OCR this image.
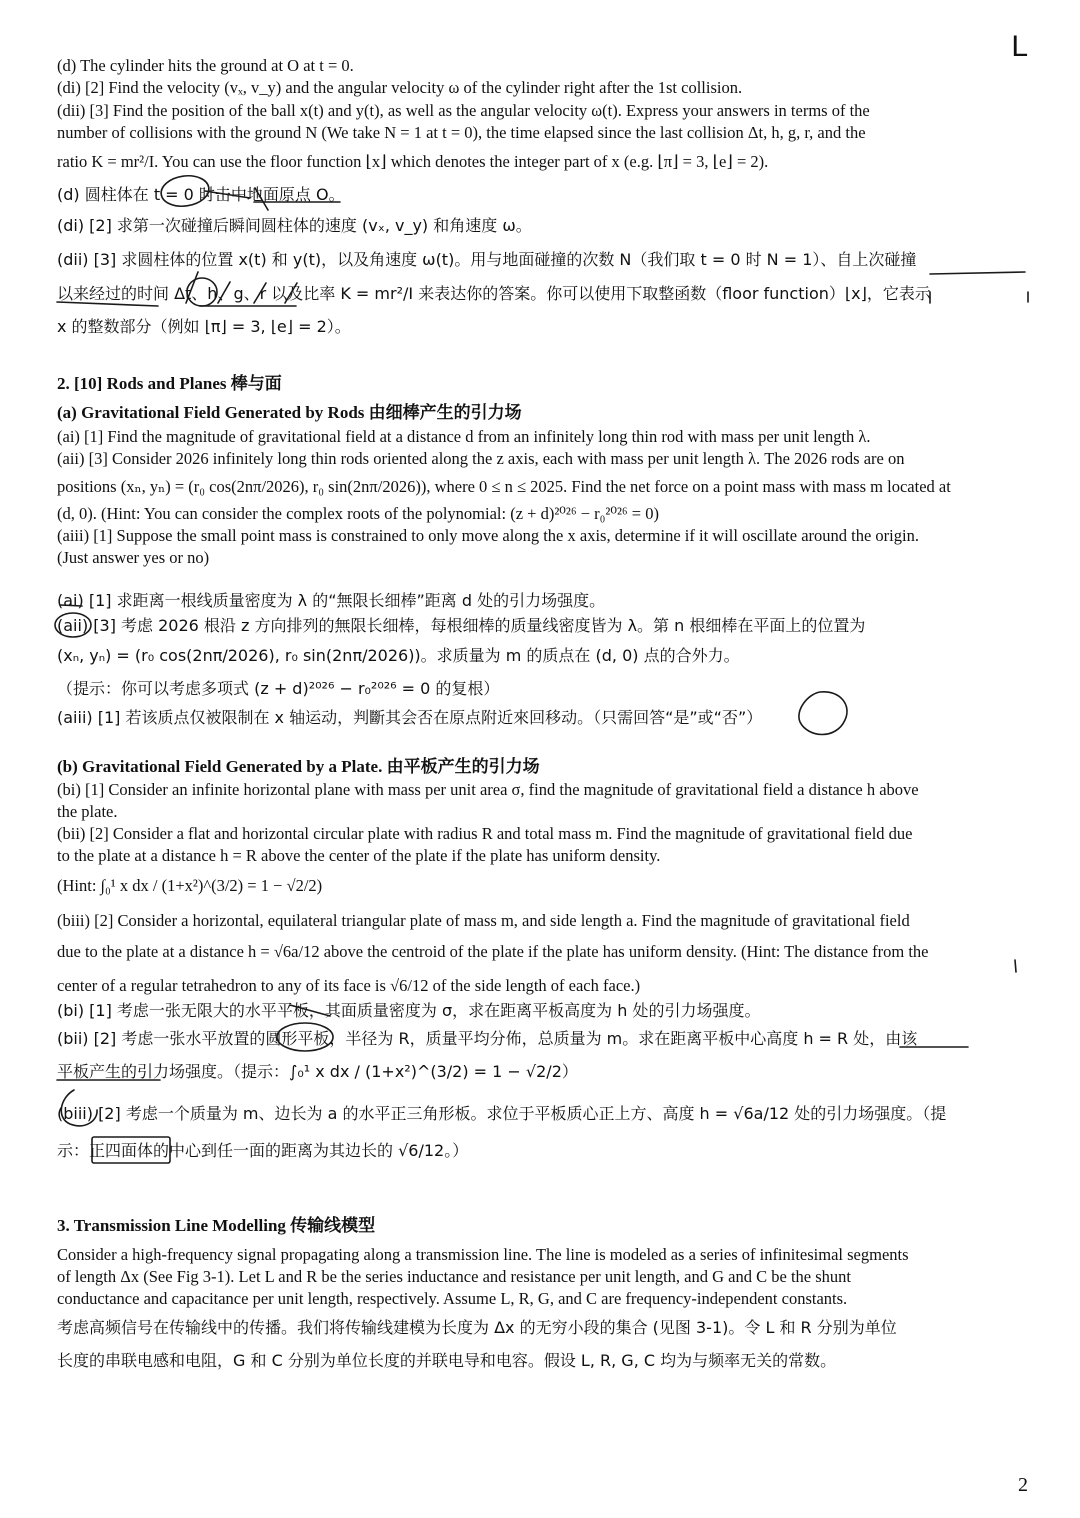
L
(d) The cylinder hits the ground at O at t = 0.
(di) [2] Find the velocity (vₓ, v_y) and the angular velocity ω of the cylinder right after the 1st collision.
(dii) [3] Find the position of the ball x(t) and y(t), as well as the angular velocity ω(t). Express your answers in terms of the
number of collisions with the ground N (We take N = 1 at t = 0), the time elapsed since the last collision Δt, h, g, r, and the
ratio K = mr²/I. You can use the floor function ⌊x⌋ which denotes the integer part of x (e.g. ⌊π⌋ = 3, ⌊e⌋ = 2).
(d) 圆柱体在 t = 0 时击中地面原点 O。
(di) [2] 求第一次碰撞后瞬间圆柱体的速度 (vₓ, v_y) 和角速度 ω。
(dii) [3] 求圆柱体的位置 x(t) 和 y(t)，以及角速度 ω(t)。用与地面碰撞的次数 N（我们取 t = 0 时 N = 1）、自上次碰撞
以来经过的时间 Δt、h、g、r 以及比率 K = mr²/I 来表达你的答案。你可以使用下取整函数（floor function）⌊x⌋，它表示
x 的整数部分（例如 ⌊π⌋ = 3, ⌊e⌋ = 2）。
2. [10] Rods and Planes 棒与面
(a) Gravitational Field Generated by Rods 由细棒产生的引力场
(ai) [1] Find the magnitude of gravitational field at a distance d from an infinitely long thin rod with mass per unit length λ.
(aii) [3] Consider 2026 infinitely long thin rods oriented along the z axis, each with mass per unit length λ. The 2026 rods are on
positions (xₙ, yₙ) = (r₀ cos(2nπ/2026), r₀ sin(2nπ/2026)), where 0 ≤ n ≤ 2025. Find the net force on a point mass with mass m located at
(d, 0). (Hint: You can consider the complex roots of the polynomial: (z + d)²⁰²⁶ − r₀²⁰²⁶ = 0)
(aiii) [1] Suppose the small point mass is constrained to only move along the x axis, determine if it will oscillate around the origin.
(Just answer yes or no)
(ai) [1] 求距离一根线质量密度为 λ 的“無限长细棒”距离 d 处的引力场强度。
(aii) [3] 考虑 2026 根沿 z 方向排列的無限长细棒，每根细棒的质量线密度皆为 λ。第 n 根细棒在平面上的位置为
(xₙ, yₙ) = (r₀ cos(2nπ/2026), r₀ sin(2nπ/2026))。求质量为 m 的质点在 (d, 0) 点的合外力。
（提示：你可以考虑多项式 (z + d)²⁰²⁶ − r₀²⁰²⁶ = 0 的复根）
(aiii) [1] 若该质点仅被限制在 x 轴运动，判斷其会否在原点附近來回移动。（只需回答“是”或“否”）
(b) Gravitational Field Generated by a Plate. 由平板产生的引力场
(bi) [1] Consider an infinite horizontal plane with mass per unit area σ, find the magnitude of gravitational field a distance h above
the plate.
(bii) [2] Consider a flat and horizontal circular plate with radius R and total mass m. Find the magnitude of gravitational field due
to the plate at a distance h = R above the center of the plate if the plate has uniform density.
(Hint: ∫₀¹ x dx / (1+x²)^(3/2) = 1 − √2/2)
(biii) [2] Consider a horizontal, equilateral triangular plate of mass m, and side length a. Find the magnitude of gravitational field
due to the plate at a distance h = √6a/12 above the centroid of the plate if the plate has uniform density. (Hint: The distance from the
center of a regular tetrahedron to any of its face is √6/12 of the side length of each face.)
(bi) [1] 考虑一张无限大的水平平板，其面质量密度为 σ，求在距离平板高度为 h 处的引力场强度。
(bii) [2] 考虑一张水平放置的圆形平板，半径为 R，质量平均分佈，总质量为 m。求在距离平板中心高度 h = R 处，由该
平板产生的引力场强度。（提示：∫₀¹ x dx / (1+x²)^(3/2) = 1 − √2/2）
(biii) [2] 考虑一个质量为 m、边长为 a 的水平正三角形板。求位于平板质心正上方、高度 h = √6a/12 处的引力场强度。（提
示：正四面体的中心到任一面的距离为其边长的 √6/12。）
3. Transmission Line Modelling 传输线模型
Consider a high-frequency signal propagating along a transmission line. The line is modeled as a series of infinitesimal segments
of length Δx (See Fig 3-1). Let L and R be the series inductance and resistance per unit length, and G and C be the shunt
conductance and capacitance per unit length, respectively. Assume L, R, G, and C are frequency-independent constants.
考虑高频信号在传输线中的传播。我们将传输线建模为长度为 Δx 的无穷小段的集合 (见图 3-1)。令 L 和 R 分别为单位
长度的串联电感和电阻，G 和 C 分别为单位长度的并联电导和电容。假设 L, R, G, C 均为与频率无关的常数。
2
